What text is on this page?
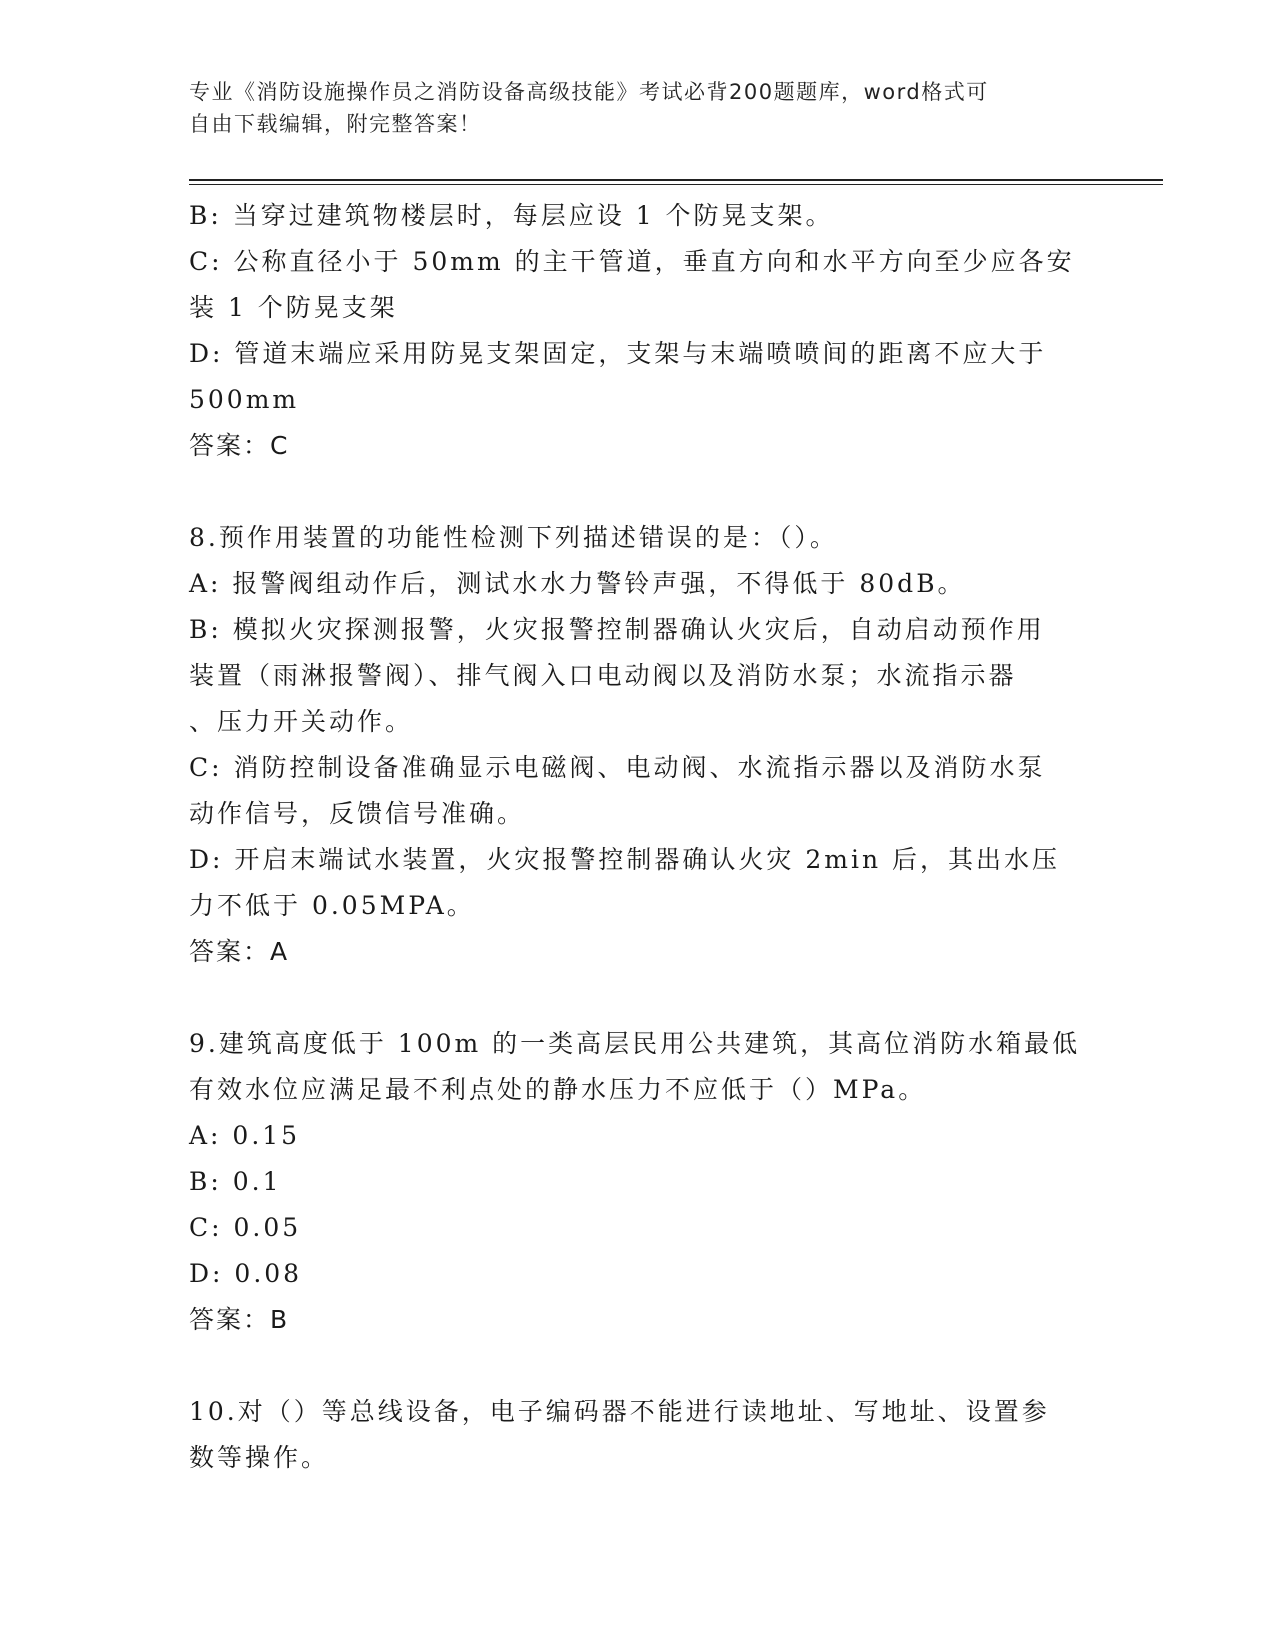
专业《消防设施操作员之消防设备高级技能》考试必背200题题库，word格式可
自由下载编辑，附完整答案！
B: 当穿过建筑物楼层时，每层应设 1 个防晃支架。
C: 公称直径小于 50mm 的主干管道，垂直方向和水平方向至少应各安
装 1 个防晃支架
D: 管道末端应采用防晃支架固定，支架与末端喷喷间的距离不应大于
500mm
答案：C
8.预作用装置的功能性检测下列描述错误的是：（）。
A: 报警阀组动作后，测试水水力警铃声强，不得低于 80dB。
B: 模拟火灾探测报警，火灾报警控制器确认火灾后，自动启动预作用
装置（雨淋报警阀）、排气阀入口电动阀以及消防水泵；水流指示器
、压力开关动作。
C: 消防控制设备准确显示电磁阀、电动阀、水流指示器以及消防水泵
动作信号，反馈信号准确。
D: 开启末端试水装置，火灾报警控制器确认火灾 2min 后，其出水压
力不低于 0.05MPA。
答案：A
9.建筑高度低于 100m 的一类高层民用公共建筑，其高位消防水箱最低
有效水位应满足最不利点处的静水压力不应低于（）MPa。
A: 0.15
B: 0.1
C: 0.05
D: 0.08
答案：B
10.对（）等总线设备，电子编码器不能进行读地址、写地址、设置参
数等操作。
